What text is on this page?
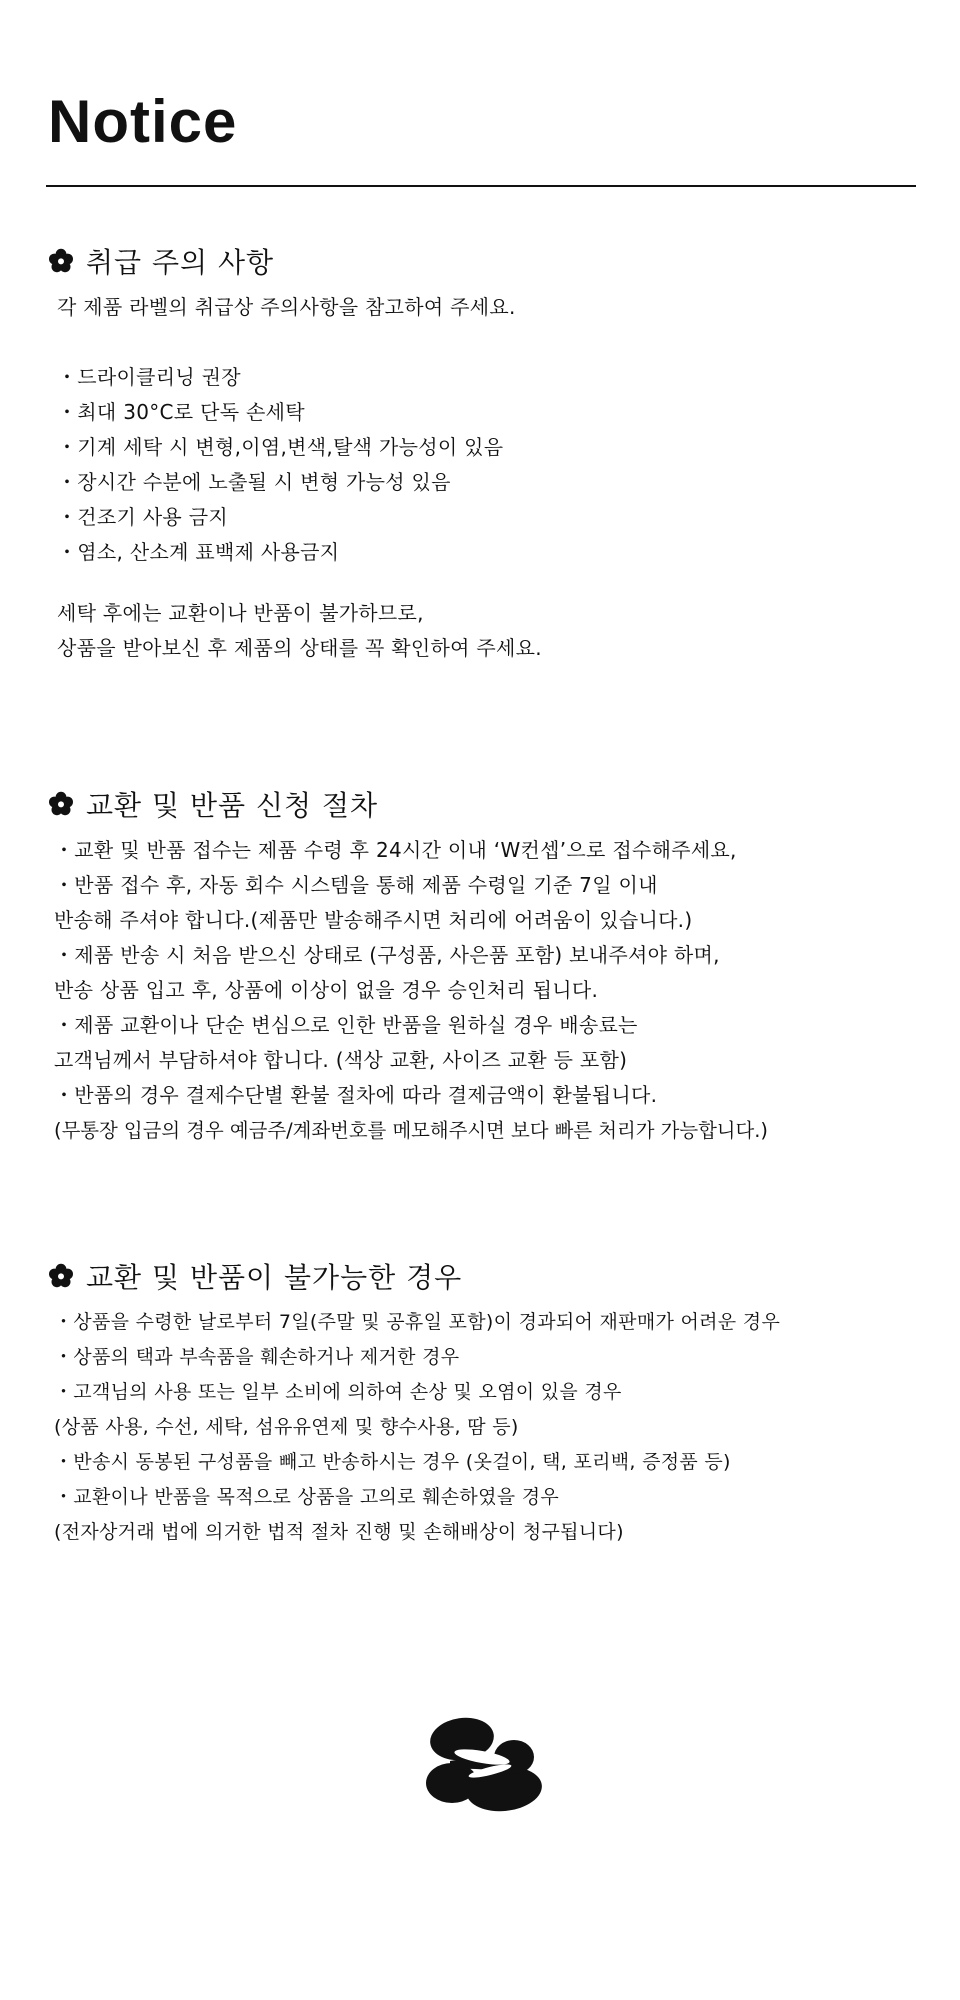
Notice
취급 주의 사항
각 제품 라벨의 취급상 주의사항을 참고하여 주세요.
・드라이클리닝 권장
・최대 30°C로 단독 손세탁
・기계 세탁 시 변형,이염,변색,탈색 가능성이 있음
・장시간 수분에 노출될 시 변형 가능성 있음
・건조기 사용 금지
・염소, 산소계 표백제 사용금지
세탁 후에는 교환이나 반품이 불가하므로,
상품을 받아보신 후 제품의 상태를 꼭 확인하여 주세요.
교환 및 반품 신청 절차
・교환 및 반품 접수는 제품 수령 후 24시간 이내 ‘W컨셉’으로 접수해주세요,
・반품 접수 후, 자동 회수 시스템을 통해 제품 수령일 기준 7일 이내
반송해 주셔야 합니다.(제품만 발송해주시면 처리에 어려움이 있습니다.)
・제품 반송 시 처음 받으신 상태로 (구성품, 사은품 포함) 보내주셔야 하며,
반송 상품 입고 후, 상품에 이상이 없을 경우 승인처리 됩니다.
・제품 교환이나 단순 변심으로 인한 반품을 원하실 경우 배송료는
고객님께서 부담하셔야 합니다. (색상 교환, 사이즈 교환 등 포함)
・반품의 경우 결제수단별 환불 절차에 따라 결제금액이 환불됩니다.
(무통장 입금의 경우 예금주/계좌번호를 메모해주시면 보다 빠른 처리가 가능합니다.)
교환 및 반품이 불가능한 경우
・상품을 수령한 날로부터 7일(주말 및 공휴일 포함)이 경과되어 재판매가 어려운 경우
・상품의 택과 부속품을 훼손하거나 제거한 경우
・고객님의 사용 또는 일부 소비에 의하여 손상 및 오염이 있을 경우
(상품 사용, 수선, 세탁, 섬유유연제 및 향수사용, 땀 등)
・반송시 동봉된 구성품을 빼고 반송하시는 경우 (옷걸이, 택, 포리백, 증정품 등)
・교환이나 반품을 목적으로 상품을 고의로 훼손하였을 경우
(전자상거래 법에 의거한 법적 절차 진행 및 손해배상이 청구됩니다)
